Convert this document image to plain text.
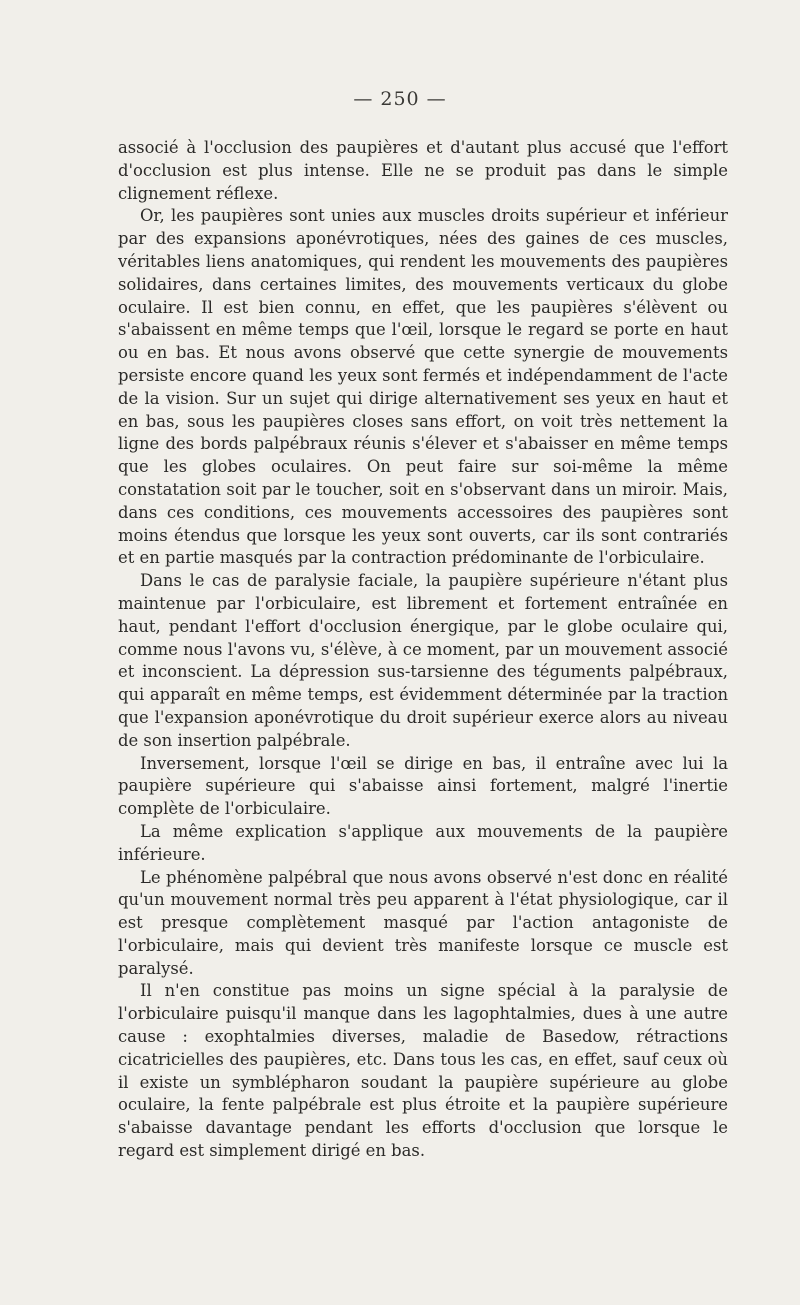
— 250 —

associé à l'occlusion des paupières et d'autant plus accusé que l'effort d'occlusion est plus intense. Elle ne se produit pas dans le simple clignement réflexe.

Or, les paupières sont unies aux muscles droits supérieur et inférieur par des expansions aponévrotiques, nées des gaines de ces muscles, véritables liens anatomiques, qui rendent les mouvements des paupières solidaires, dans certaines limites, des mouvements verticaux du globe oculaire. Il est bien connu, en effet, que les paupières s'élèvent ou s'abaissent en même temps que l'œil, lorsque le regard se porte en haut ou en bas. Et nous avons observé que cette synergie de mouvements persiste encore quand les yeux sont fermés et indépendamment de l'acte de la vision. Sur un sujet qui dirige alternativement ses yeux en haut et en bas, sous les paupières closes sans effort, on voit très nettement la ligne des bords palpébraux réunis s'élever et s'abaisser en même temps que les globes oculaires. On peut faire sur soi-même la même constatation soit par le toucher, soit en s'observant dans un miroir. Mais, dans ces conditions, ces mouvements accessoires des paupières sont moins étendus que lorsque les yeux sont ouverts, car ils sont contrariés et en partie masqués par la contraction prédominante de l'orbiculaire.

Dans le cas de paralysie faciale, la paupière supérieure n'étant plus maintenue par l'orbiculaire, est librement et fortement entraînée en haut, pendant l'effort d'occlusion énergique, par le globe oculaire qui, comme nous l'avons vu, s'élève, à ce moment, par un mouvement associé et inconscient. La dépression sus-tarsienne des téguments palpébraux, qui apparaît en même temps, est évidemment déterminée par la traction que l'expansion aponévrotique du droit supérieur exerce alors au niveau de son insertion palpébrale.

Inversement, lorsque l'œil se dirige en bas, il entraîne avec lui la paupière supérieure qui s'abaisse ainsi fortement, malgré l'inertie complète de l'orbiculaire.

La même explication s'applique aux mouvements de la paupière inférieure.

Le phénomène palpébral que nous avons observé n'est donc en réalité qu'un mouvement normal très peu apparent à l'état physiologique, car il est presque complètement masqué par l'action antagoniste de l'orbiculaire, mais qui devient très manifeste lorsque ce muscle est paralysé.

Il n'en constitue pas moins un signe spécial à la paralysie de l'orbiculaire puisqu'il manque dans les lagophtalmies, dues à une autre cause : exophtalmies diverses, maladie de Basedow, rétractions cicatricielles des paupières, etc. Dans tous les cas, en effet, sauf ceux où il existe un symblépharon soudant la paupière supérieure au globe oculaire, la fente palpébrale est plus étroite et la paupière supérieure s'abaisse davantage pendant les efforts d'occlusion que lorsque le regard est simplement dirigé en bas.
